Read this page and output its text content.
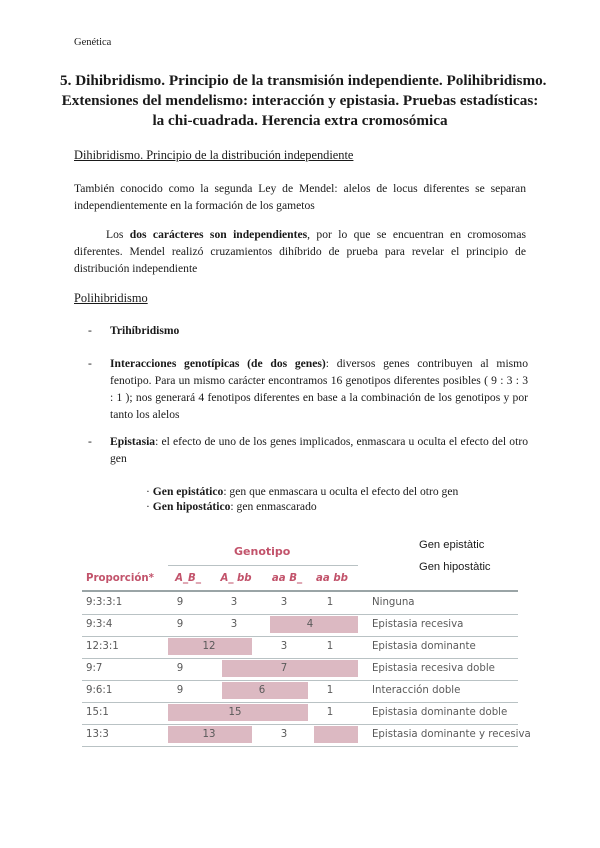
Genética
5. Dihibridismo. Principio de la transmisión independiente. Polihibridismo.
Extensiones del mendelismo: interacción y epistasia. Pruebas estadísticas:
la chi-cuadrada. Herencia extra cromosómica
Dihibridismo. Principio de la distribución independiente
También conocido como la segunda Ley de Mendel: alelos de locus diferentes se separan independientemente en la formación de los gametos
Los dos carácteres son independientes, por lo que se encuentran en cromosomas diferentes. Mendel realizó cruzamientos dihíbrido de prueba para revelar el principio de distribución independiente
Polihibridismo
- Trihíbridismo
- Interacciones genotípicas (de dos genes): diversos genes contribuyen al mismo fenotipo. Para un mismo carácter encontramos 16 genotipos diferentes posibles ( 9 : 3 : 3 : 1 ); nos generará 4 fenotipos diferentes en base a la combinación de los genotipos y por tanto los alelos
- Epistasia: el efecto de uno de los genes implicados, enmascara u oculta el efecto del otro gen
· Gen epistático: gen que enmascara u oculta el efecto del otro gen
· Gen hipostático: gen enmascarado
Gen epistàtic
Gen hipostàtic
Genotipo
Proporción*	A_B_	A_ bb	aa B_	aa bb
9:3:3:1	9	3	3	1	Ninguna
9:3:4	9	3	4	Epistasia recesiva
12:3:1	12	3	1	Epistasia dominante
9:7	9	7	Epistasia recesiva doble
9:6:1	9	6	1	Interacción doble
15:1	15	1	Epistasia dominante doble
13:3	13	3	Epistasia dominante y recesiva
